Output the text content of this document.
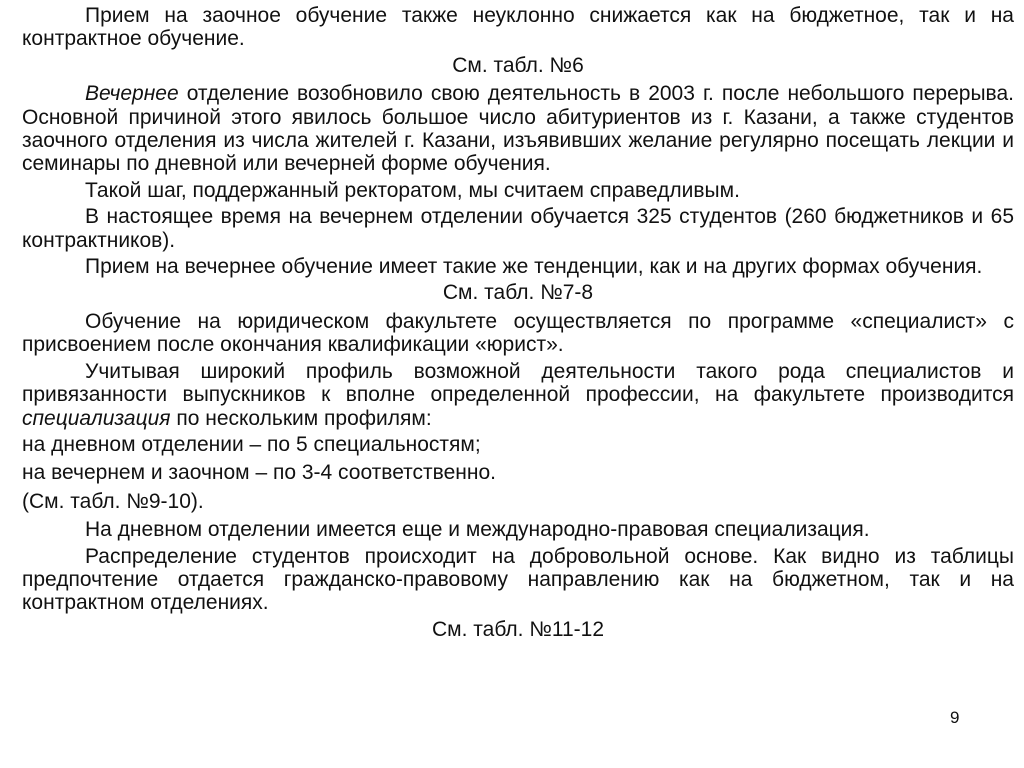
Прием на заочное обучение также неуклонно снижается как на бюджетное, так и на контрактное обучение.

См. табл. №6

Вечернее отделение возобновило свою деятельность в 2003 г. после небольшого перерыва. Основной причиной этого явилось большое число абитуриентов из г. Казани, а также студентов заочного отделения из числа жителей г. Казани, изъявивших желание регулярно посещать лекции и семинары по дневной или вечерней форме обучения.

Такой шаг, поддержанный ректоратом, мы считаем справедливым.

В настоящее время на вечернем отделении обучается 325 студентов (260 бюджетников и 65 контрактников).

Прием на вечернее обучение имеет такие же тенденции, как и на других формах обучения.

См. табл. №7-8

Обучение на юридическом факультете осуществляется по программе «специалист» с присвоением после окончания квалификации «юрист».

Учитывая широкий профиль возможной деятельности такого рода специалистов и привязанности выпускников к вполне определенной профессии, на факультете производится специализация по нескольким профилям:

на дневном отделении – по 5 специальностям;

на вечернем и заочном – по 3-4 соответственно.

(См. табл. №9-10).

На дневном отделении имеется еще и международно-правовая специализация.

Распределение студентов происходит на добровольной основе. Как видно из таблицы предпочтение отдается гражданско-правовому направлению как на бюджетном, так и на контрактном отделениях.

См. табл. №11-12

9
